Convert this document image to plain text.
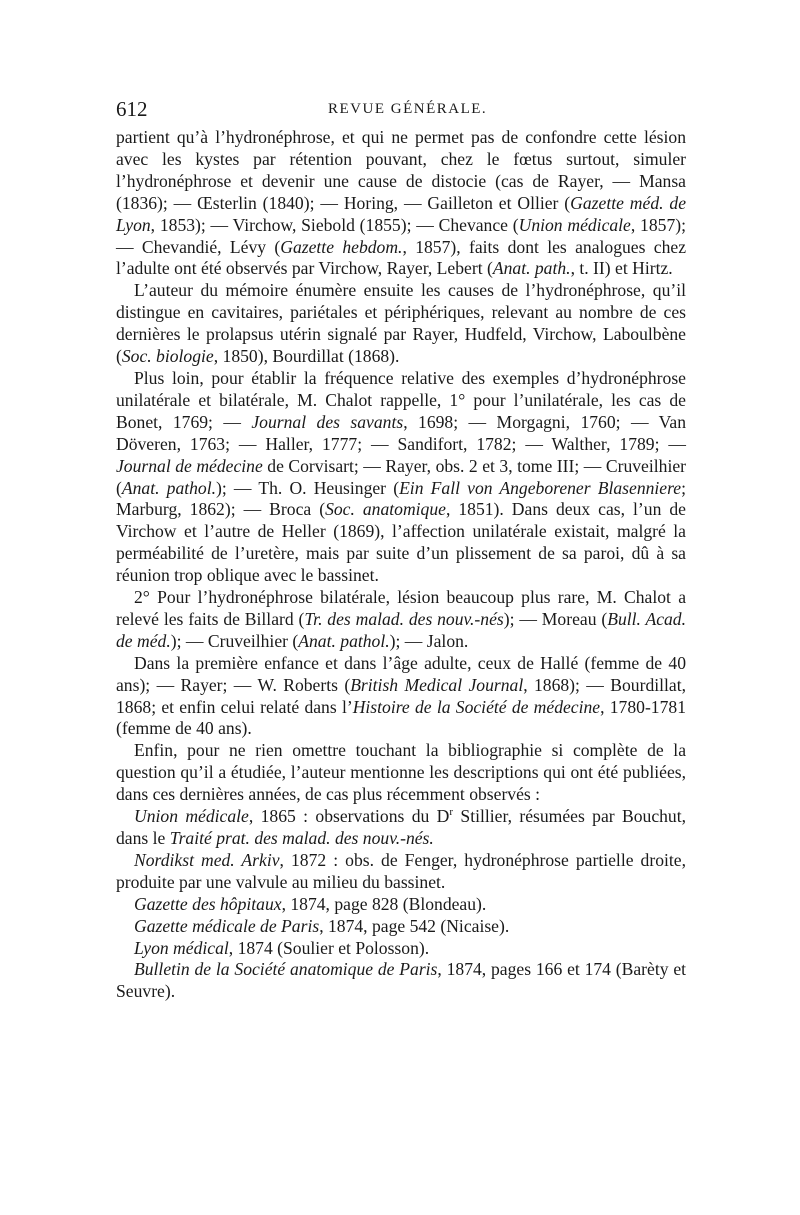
612	REVUE GÉNÉRALE.

partient qu’à l’hydronéphrose, et qui ne permet pas de confondre cette lésion avec les kystes par rétention pouvant, chez le fœtus surtout, simuler l’hydronéphrose et devenir une cause de distocie (cas de Rayer, — Mansa (1836); — Œsterlin (1840); — Horing, — Gailleton et Ollier (Gazette méd. de Lyon, 1853); — Virchow, Siebold (1855); — Chevance (Union médicale, 1857); — Chevandié, Lévy (Gazette hebdom., 1857), faits dont les analogues chez l’adulte ont été observés par Virchow, Rayer, Lebert (Anat. path., t. II) et Hirtz.

L’auteur du mémoire énumère ensuite les causes de l’hydronéphrose, qu’il distingue en cavitaires, pariétales et périphériques, relevant au nombre de ces dernières le prolapsus utérin signalé par Rayer, Hudfeld, Virchow, Laboulbène (Soc. biologie, 1850), Bourdillat (1868).

Plus loin, pour établir la fréquence relative des exemples d’hydronéphrose unilatérale et bilatérale, M. Chalot rappelle, 1° pour l’unilatérale, les cas de Bonet, 1769; — Journal des savants, 1698; — Morgagni, 1760; — Van Döveren, 1763; — Haller, 1777; — Sandifort, 1782; — Walther, 1789; — Journal de médecine de Corvisart; — Rayer, obs. 2 et 3, tome III; — Cruveilhier (Anat. pathol.); — Th. O. Heusinger (Ein Fall von Angeborener Blasenniere; Marburg, 1862); — Broca (Soc. anatomique, 1851). Dans deux cas, l’un de Virchow et l’autre de Heller (1869), l’affection unilatérale existait, malgré la perméabilité de l’uretère, mais par suite d’un plissement de sa paroi, dû à sa réunion trop oblique avec le bassinet.

2° Pour l’hydronéphrose bilatérale, lésion beaucoup plus rare, M. Chalot a relevé les faits de Billard (Tr. des malad. des nouv.-nés); — Moreau (Bull. Acad. de méd.); — Cruveilhier (Anat. pathol.); — Jalon.

Dans la première enfance et dans l’âge adulte, ceux de Hallé (femme de 40 ans); — Rayer; — W. Roberts (British Medical Journal, 1868); — Bourdillat, 1868; et enfin celui relaté dans l’Histoire de la Société de médecine, 1780-1781 (femme de 40 ans).

Enfin, pour ne rien omettre touchant la bibliographie si complète de la question qu’il a étudiée, l’auteur mentionne les descriptions qui ont été publiées, dans ces dernières années, de cas plus récemment observés :

Union médicale, 1865 : observations du $D^r$ Stillier, résumées par Bouchut, dans le Traité prat. des malad. des nouv.-nés.

Nordikst med. Arkiv, 1872 : obs. de Fenger, hydronéphrose partielle droite, produite par une valvule au milieu du bassinet.

Gazette des hôpitaux, 1874, page 828 (Blondeau).

Gazette médicale de Paris, 1874, page 542 (Nicaise).

Lyon médical, 1874 (Soulier et Polosson).

Bulletin de la Société anatomique de Paris, 1874, pages 166 et 174 (Barèty et Seuvre).
